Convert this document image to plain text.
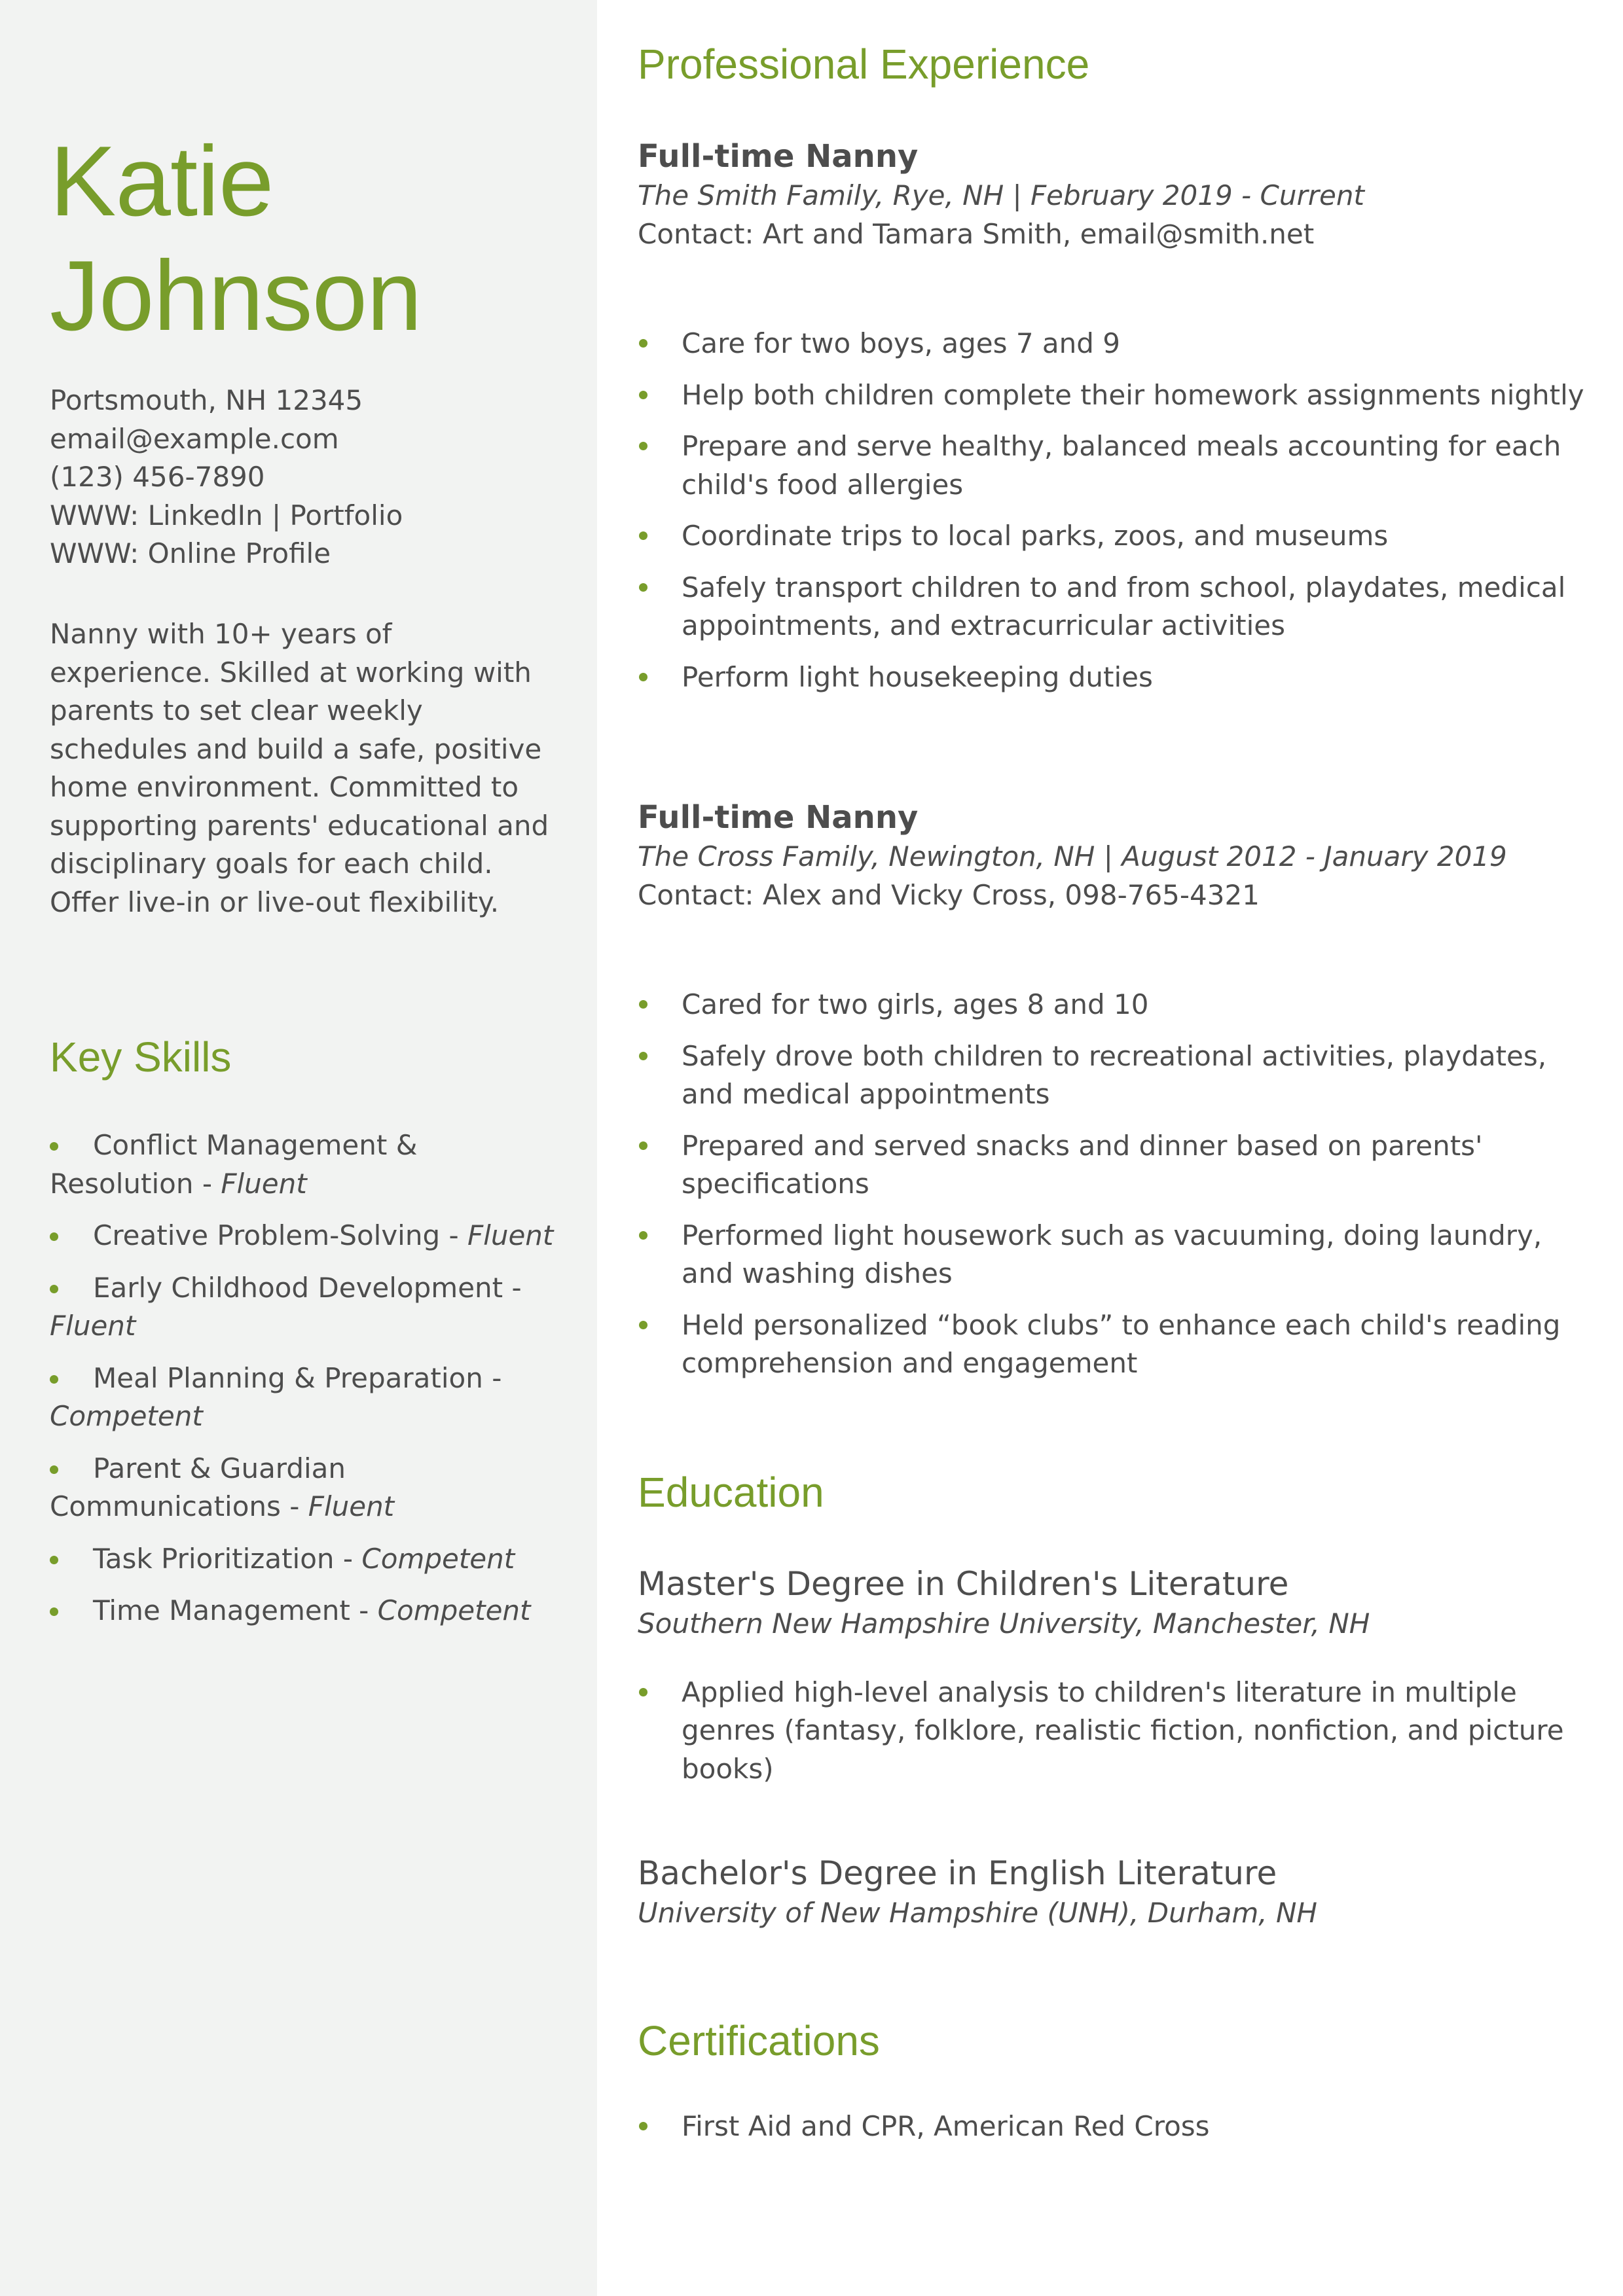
Katie
Johnson
Portsmouth, NH 12345
email@example.com
(123) 456-7890
WWW: LinkedIn | Portfolio
WWW: Online Profile
Nanny with 10+ years of experience. Skilled at working with parents to set clear weekly schedules and build a safe, positive home environment. Committed to supporting parents' educational and disciplinary goals for each child. Offer live-in or live-out flexibility.
Key Skills
Conflict Management & Resolution - Fluent
Creative Problem-Solving - Fluent
Early Childhood Development - Fluent
Meal Planning & Preparation - Competent
Parent & Guardian Communications - Fluent
Task Prioritization - Competent
Time Management - Competent
Professional Experience
Full-time Nanny
The Smith Family, Rye, NH | February 2019 - Current
Contact: Art and Tamara Smith, email@smith.net
Care for two boys, ages 7 and 9
Help both children complete their homework assignments nightly
Prepare and serve healthy, balanced meals accounting for each child's food allergies
Coordinate trips to local parks, zoos, and museums
Safely transport children to and from school, playdates, medical appointments, and extracurricular activities
Perform light housekeeping duties
Full-time Nanny
The Cross Family, Newington, NH | August 2012 - January 2019
Contact: Alex and Vicky Cross, 098-765-4321
Cared for two girls, ages 8 and 10
Safely drove both children to recreational activities, playdates, and medical appointments
Prepared and served snacks and dinner based on parents' specifications
Performed light housework such as vacuuming, doing laundry, and washing dishes
Held personalized “book clubs” to enhance each child's reading comprehension and engagement
Education
Master's Degree in Children's Literature
Southern New Hampshire University, Manchester, NH
Applied high-level analysis to children's literature in multiple genres (fantasy, folklore, realistic fiction, nonfiction, and picture books)
Bachelor's Degree in English Literature
University of New Hampshire (UNH), Durham, NH
Certifications
First Aid and CPR, American Red Cross
